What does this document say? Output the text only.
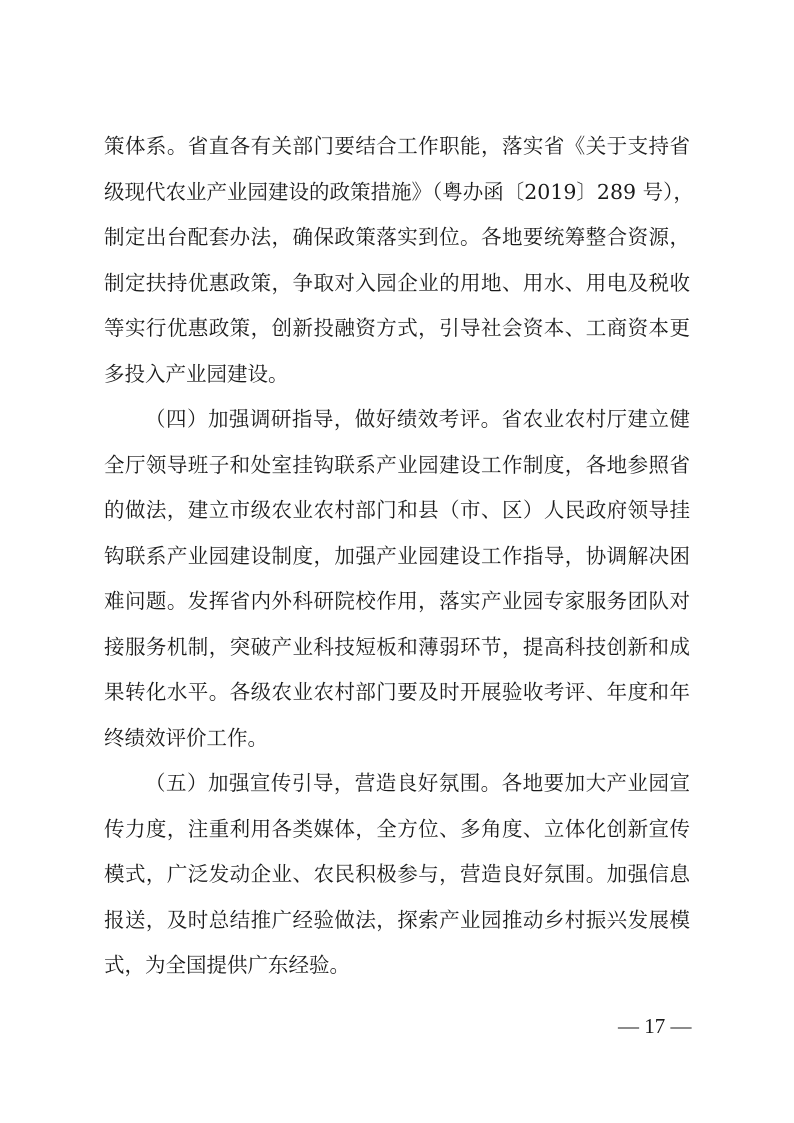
策体系。省直各有关部门要结合工作职能，落实省《关于支持省
级现代农业产业园建设的政策措施》（粤办函〔2019〕289 号），
制定出台配套办法，确保政策落实到位。各地要统筹整合资源，
制定扶持优惠政策，争取对入园企业的用地、用水、用电及税收
等实行优惠政策，创新投融资方式，引导社会资本、工商资本更
多投入产业园建设。
（四）加强调研指导，做好绩效考评。省农业农村厅建立健
全厅领导班子和处室挂钩联系产业园建设工作制度，各地参照省
的做法，建立市级农业农村部门和县（市、区）人民政府领导挂
钩联系产业园建设制度，加强产业园建设工作指导，协调解决困
难问题。发挥省内外科研院校作用，落实产业园专家服务团队对
接服务机制，突破产业科技短板和薄弱环节，提高科技创新和成
果转化水平。各级农业农村部门要及时开展验收考评、年度和年
终绩效评价工作。
（五）加强宣传引导，营造良好氛围。各地要加大产业园宣
传力度，注重利用各类媒体，全方位、多角度、立体化创新宣传
模式，广泛发动企业、农民积极参与，营造良好氛围。加强信息
报送，及时总结推广经验做法，探索产业园推动乡村振兴发展模
式，为全国提供广东经验。
— 17 —
